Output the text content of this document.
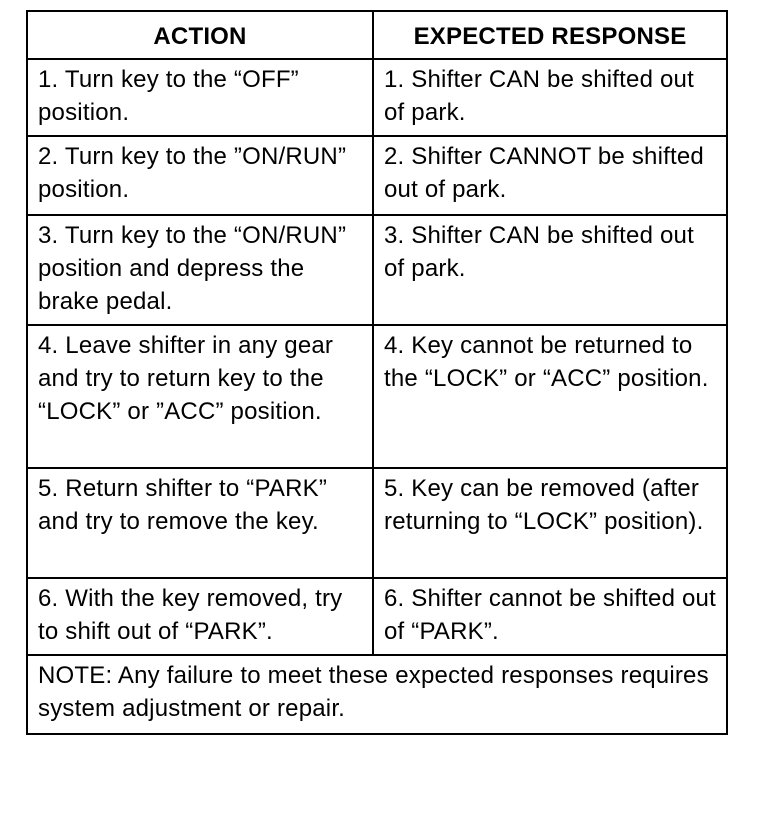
ACTION	EXPECTED RESPONSE
1. Turn key to the “OFF” position.	1. Shifter CAN be shifted out of park.
2. Turn key to the ”ON/RUN” position.	2. Shifter CANNOT be shifted out of park.
3. Turn key to the “ON/RUN” position and depress the brake pedal.	3. Shifter CAN be shifted out of park.
4. Leave shifter in any gear and try to return key to the “LOCK” or ”ACC” position.	4. Key cannot be returned to the “LOCK” or “ACC” position.
5. Return shifter to “PARK” and try to remove the key.	5. Key can be removed (after returning to “LOCK” position).
6. With the key removed, try to shift out of “PARK”.	6. Shifter cannot be shifted out of “PARK”.
NOTE: Any failure to meet these expected responses requires system adjustment or repair.	
